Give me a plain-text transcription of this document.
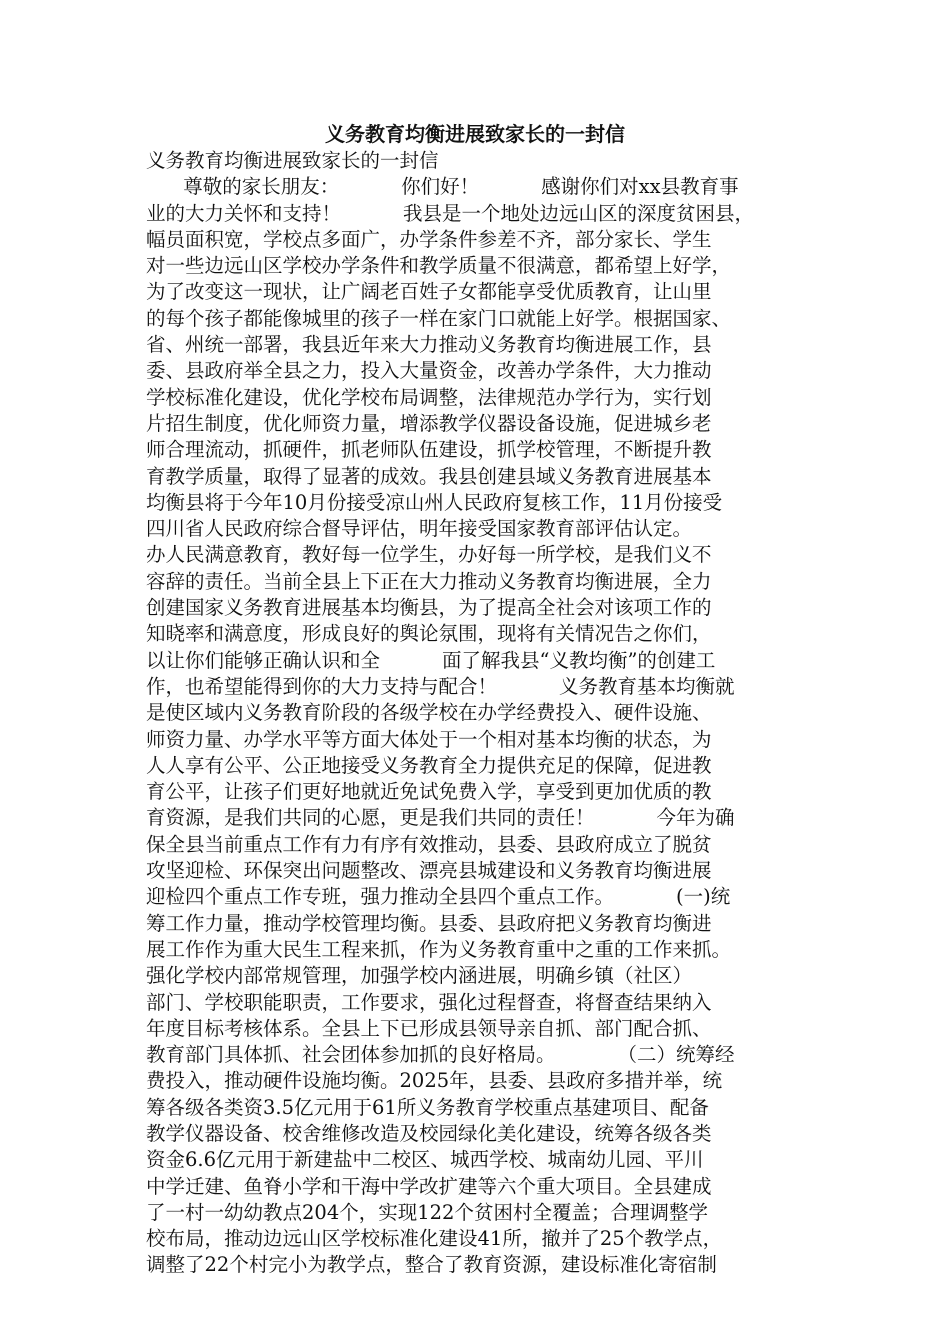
义务教育均衡进展致家长的一封信
义务教育均衡进展致家长的一封信
尊敬的家长朋友：          你们好！          感谢你们对xx县教育事
业的大力关怀和支持！          我县是一个地处边远山区的深度贫困县，
幅员面积宽，学校点多面广，办学条件参差不齐，部分家长、学生
对一些边远山区学校办学条件和教学质量不很满意，都希望上好学，
为了改变这一现状，让广阔老百姓子女都能享受优质教育，让山里
的每个孩子都能像城里的孩子一样在家门口就能上好学。根据国家、
省、州统一部署，我县近年来大力推动义务教育均衡进展工作，县
委、县政府举全县之力，投入大量资金，改善办学条件，大力推动
学校标准化建设，优化学校布局调整，法律规范办学行为，实行划
片招生制度，优化师资力量，增添教学仪器设备设施，促进城乡老
师合理流动，抓硬件，抓老师队伍建设，抓学校管理，不断提升教
育教学质量，取得了显著的成效。我县创建县域义务教育进展基本
均衡县将于今年10月份接受凉山州人民政府复核工作，11月份接受
四川省人民政府综合督导评估，明年接受国家教育部评估认定。
办人民满意教育，教好每一位学生，办好每一所学校，是我们义不
容辞的责任。当前全县上下正在大力推动义务教育均衡进展，全力
创建国家义务教育进展基本均衡县，为了提高全社会对该项工作的
知晓率和满意度，形成良好的舆论氛围，现将有关情况告之你们，
以让你们能够正确认识和全          面了解我县“义教均衡”的创建工
作，也希望能得到你的大力支持与配合！          义务教育基本均衡就
是使区域内义务教育阶段的各级学校在办学经费投入、硬件设施、
师资力量、办学水平等方面大体处于一个相对基本均衡的状态，为
人人享有公平、公正地接受义务教育全力提供充足的保障，促进教
育公平，让孩子们更好地就近免试免费入学，享受到更加优质的教
育资源，是我们共同的心愿，更是我们共同的责任！          今年为确
保全县当前重点工作有力有序有效推动，县委、县政府成立了脱贫
攻坚迎检、环保突出问题整改、漂亮县城建设和义务教育均衡进展
迎检四个重点工作专班，强力推动全县四个重点工作。          (一)统
筹工作力量，推动学校管理均衡。县委、县政府把义务教育均衡进
展工作作为重大民生工程来抓，作为义务教育重中之重的工作来抓。
强化学校内部常规管理，加强学校内涵进展，明确乡镇（社区）
部门、学校职能职责，工作要求，强化过程督查，将督查结果纳入
年度目标考核体系。全县上下已形成县领导亲自抓、部门配合抓、
教育部门具体抓、社会团体参加抓的良好格局。          （二）统筹经
费投入，推动硬件设施均衡。2025年，县委、县政府多措并举，统
筹各级各类资3.5亿元用于61所义务教育学校重点基建项目、配备
教学仪器设备、校舍维修改造及校园绿化美化建设，统筹各级各类
资金6.6亿元用于新建盐中二校区、城西学校、城南幼儿园、平川
中学迁建、鱼脊小学和干海中学改扩建等六个重大项目。全县建成
了一村一幼幼教点204个，实现122个贫困村全覆盖；合理调整学
校布局，推动边远山区学校标准化建设41所，撤并了25个教学点，
调整了22个村完小为教学点，整合了教育资源，建设标准化寄宿制
